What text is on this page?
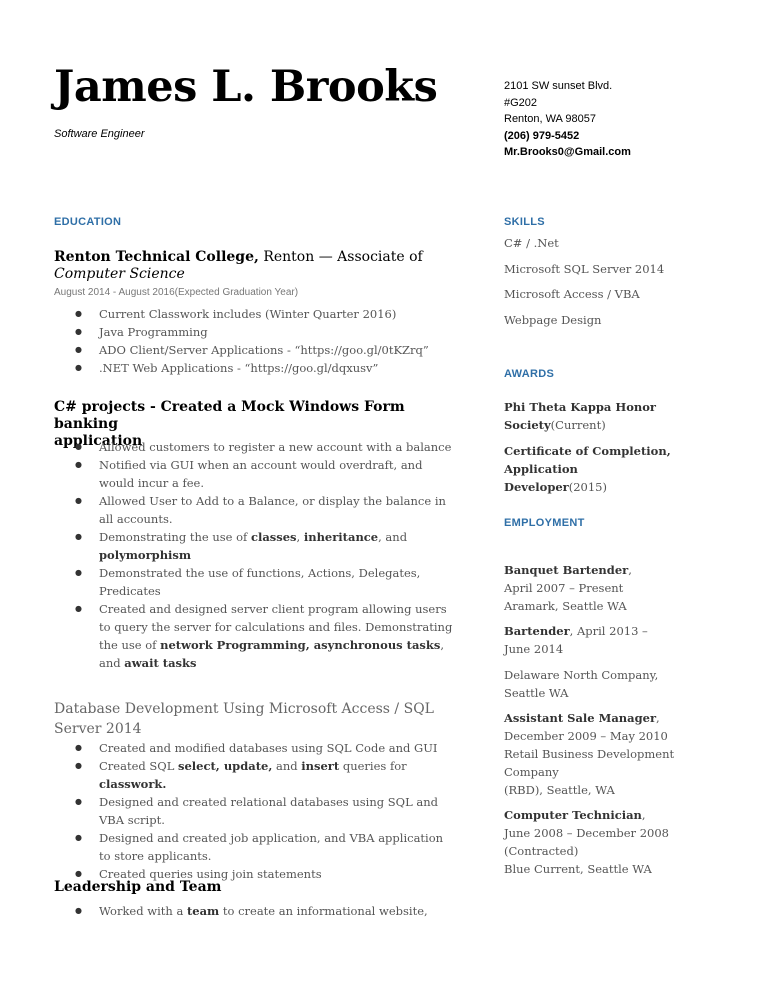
James L. Brooks
Software Engineer
2101 SW sunset Blvd.
#G202
Renton, WA 98057
(206) 979-5452
Mr.Brooks0@Gmail.com
EDUCATION
Renton Technical College, Renton — Associate of
Computer Science
August 2014 - August 2016(Expected Graduation Year)
● Current Classwork includes (Winter Quarter 2016)
● Java Programming
● ADO Client/Server Applications - “https://goo.gl/0tKZrq”
● .NET Web Applications - “https://goo.gl/dqxusv”
C# projects - Created a Mock Windows Form banking
application
● Allowed customers to register a new account with a balance
● Notified via GUI when an account would overdraft, and would incur a fee.
● Allowed User to Add to a Balance, or display the balance in all accounts.
● Demonstrating the use of classes, inheritance, and polymorphism
● Demonstrated the use of functions, Actions, Delegates, Predicates
● Created and designed server client program allowing users to query the server for calculations and files. Demonstrating the use of network Programming, asynchronous tasks, and await tasks
Database Development Using Microsoft Access / SQL
Server 2014
● Created and modified databases using SQL Code and GUI
● Created SQL select, update, and insert queries for classwork.
● Designed and created relational databases using SQL and VBA script.
● Designed and created job application, and VBA application to store applicants.
● Created queries using join statements
Leadership and Team
● Worked with a team to create an informational website,
SKILLS
C# / .Net
Microsoft SQL Server 2014
Microsoft Access / VBA
Webpage Design
AWARDS
Phi Theta Kappa Honor Society(Current)
Certificate of Completion, Application Developer(2015)
EMPLOYMENT
Banquet Bartender, April 2007 – Present
Aramark, Seattle WA
Bartender, April 2013 – June 2014
Delaware North Company, Seattle WA
Assistant Sale Manager, December 2009 – May 2010
Retail Business Development Company
(RBD), Seattle, WA
Computer Technician, June 2008 – December 2008
(Contracted)
Blue Current, Seattle WA
